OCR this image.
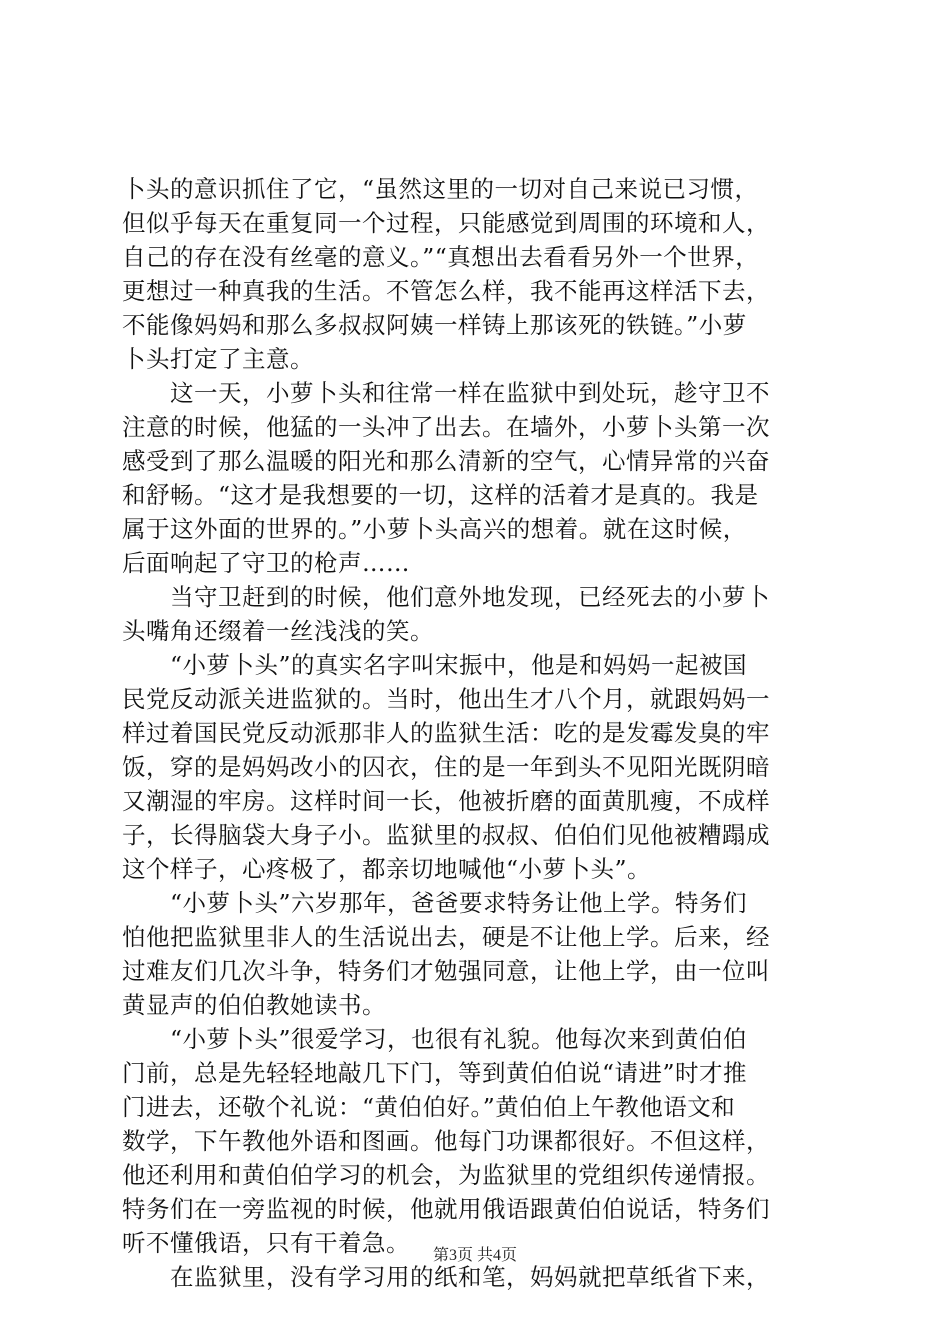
卜头的意识抓住了它，“虽然这里的一切对自己来说已习惯，
但似乎每天在重复同一个过程，只能感觉到周围的环境和人，
自己的存在没有丝毫的意义。”“真想出去看看另外一个世界，
更想过一种真我的生活。不管怎么样，我不能再这样活下去，
不能像妈妈和那么多叔叔阿姨一样铸上那该死的铁链。”小萝
卜头打定了主意。
　　这一天，小萝卜头和往常一样在监狱中到处玩，趁守卫不
注意的时候，他猛的一头冲了出去。在墙外，小萝卜头第一次
感受到了那么温暖的阳光和那么清新的空气，心情异常的兴奋
和舒畅。“这才是我想要的一切，这样的活着才是真的。我是
属于这外面的世界的。”小萝卜头高兴的想着。就在这时候，
后面响起了守卫的枪声……
　　当守卫赶到的时候，他们意外地发现，已经死去的小萝卜
头嘴角还缀着一丝浅浅的笑。
　　“小萝卜头”的真实名字叫宋振中，他是和妈妈一起被国
民党反动派关进监狱的。当时，他出生才八个月，就跟妈妈一
样过着国民党反动派那非人的监狱生活：吃的是发霉发臭的牢
饭，穿的是妈妈改小的囚衣，住的是一年到头不见阳光既阴暗
又潮湿的牢房。这样时间一长，他被折磨的面黄肌瘦，不成样
子，长得脑袋大身子小。监狱里的叔叔、伯伯们见他被糟蹋成
这个样子，心疼极了，都亲切地喊他“小萝卜头”。
　　“小萝卜头”六岁那年，爸爸要求特务让他上学。特务们
怕他把监狱里非人的生活说出去，硬是不让他上学。后来，经
过难友们几次斗争，特务们才勉强同意，让他上学，由一位叫
黄显声的伯伯教她读书。
　　“小萝卜头”很爱学习，也很有礼貌。他每次来到黄伯伯
门前，总是先轻轻地敲几下门，等到黄伯伯说“请进”时才推
门进去，还敬个礼说：“黄伯伯好。”黄伯伯上午教他语文和
数学，下午教他外语和图画。他每门功课都很好。不但这样，
他还利用和黄伯伯学习的机会，为监狱里的党组织传递情报。
特务们在一旁监视的时候，他就用俄语跟黄伯伯说话，特务们
听不懂俄语，只有干着急。
　　在监狱里，没有学习用的纸和笔，妈妈就把草纸省下来，
第3页 共4页
